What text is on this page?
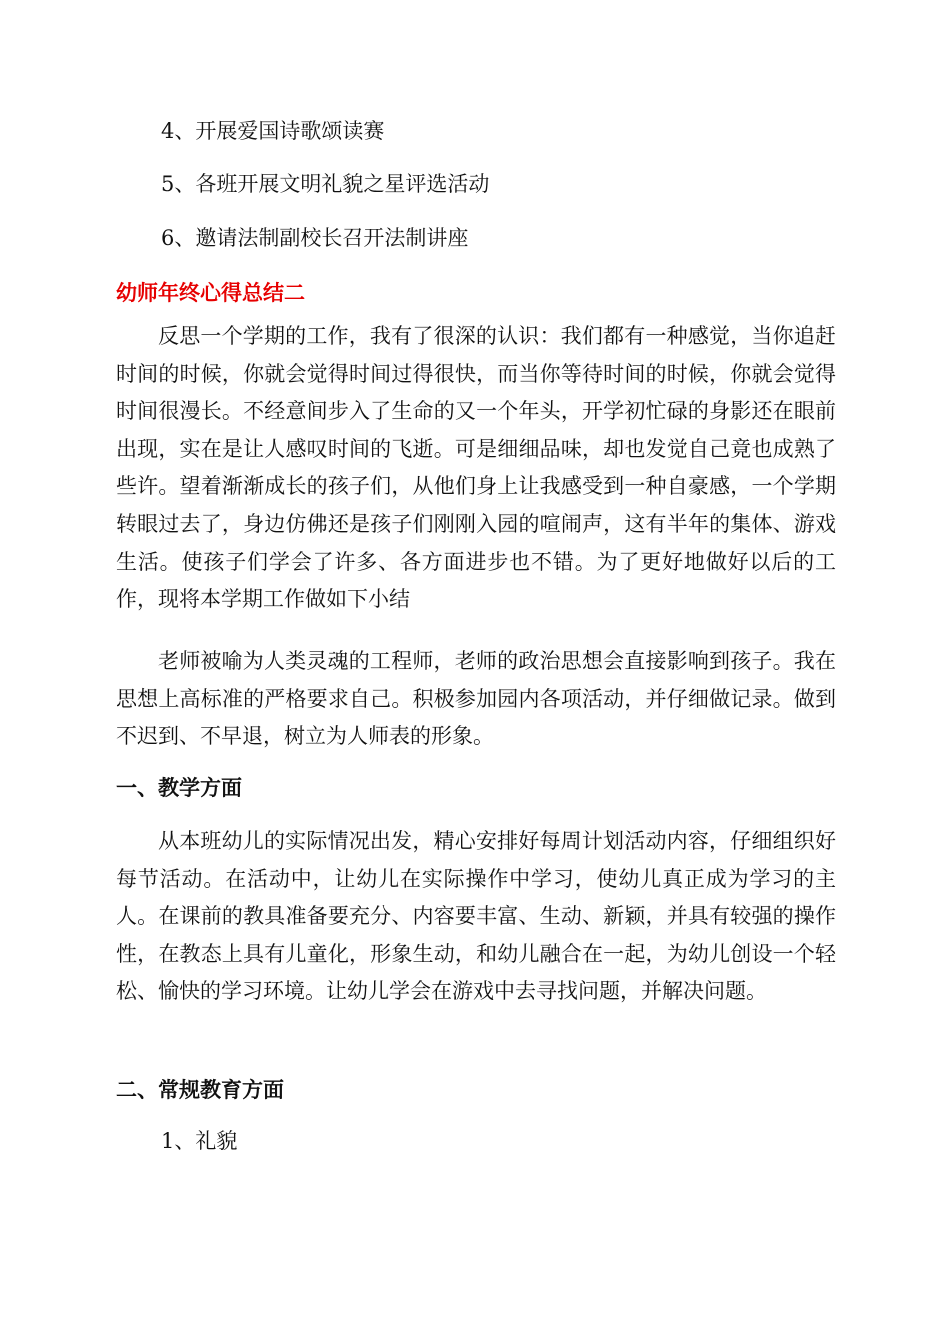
4、开展爱国诗歌颂读赛
5、各班开展文明礼貌之星评选活动
6、邀请法制副校长召开法制讲座
幼师年终心得总结二

反思一个学期的工作，我有了很深的认识：我们都有一种感觉，当你追赶时间的时候，你就会觉得时间过得很快，而当你等待时间的时候，你就会觉得时间很漫长。不经意间步入了生命的又一个年头，开学初忙碌的身影还在眼前出现，实在是让人感叹时间的飞逝。可是细细品味，却也发觉自己竟也成熟了些许。望着渐渐成长的孩子们，从他们身上让我感受到一种自豪感，一个学期转眼过去了，身边仿佛还是孩子们刚刚入园的喧闹声，这有半年的集体、游戏生活。使孩子们学会了许多、各方面进步也不错。为了更好地做好以后的工作，现将本学期工作做如下小结

老师被喻为人类灵魂的工程师，老师的政治思想会直接影响到孩子。我在思想上高标准的严格要求自己。积极参加园内各项活动，并仔细做记录。做到不迟到、不早退，树立为人师表的形象。

一、教学方面

从本班幼儿的实际情况出发，精心安排好每周计划活动内容，仔细组织好每节活动。在活动中，让幼儿在实际操作中学习，使幼儿真正成为学习的主人。在课前的教具准备要充分、内容要丰富、生动、新颖，并具有较强的操作性，在教态上具有儿童化，形象生动，和幼儿融合在一起，为幼儿创设一个轻松、愉快的学习环境。让幼儿学会在游戏中去寻找问题，并解决问题。

二、常规教育方面
1、礼貌
